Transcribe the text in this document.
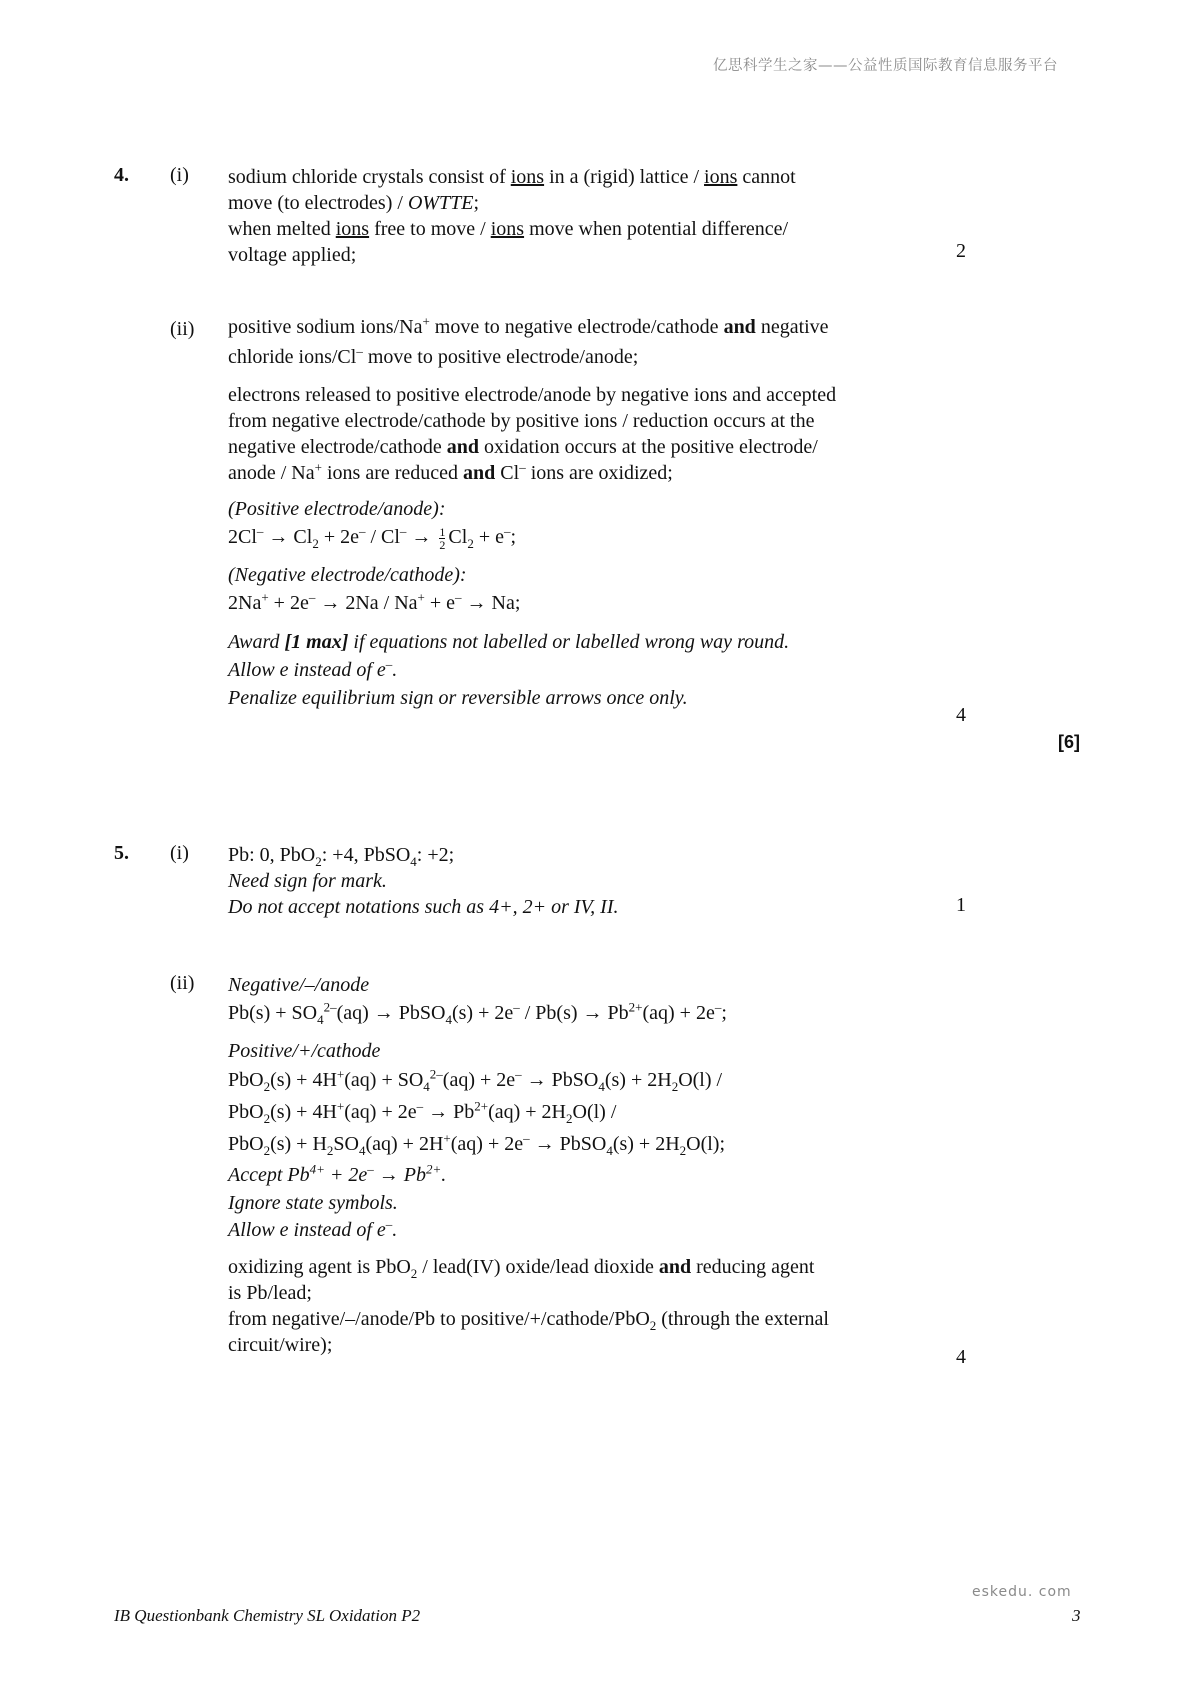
亿思科学生之家——公益性质国际教育信息服务平台
4. (i) sodium chloride crystals consist of ions in a (rigid) lattice / ions cannot

move (to electrodes) / OWTTE;

when melted ions free to move / ions move when potential difference/

voltage applied;	2
(ii) positive sodium ions/Na+ move to negative electrode/cathode and negative
chloride ions/Cl– move to positive electrode/anode;

electrons released to positive electrode/anode by negative ions and accepted
from negative electrode/cathode by positive ions / reduction occurs at the
negative electrode/cathode and oxidation occurs at the positive electrode/
anode / Na+ ions are reduced and Cl– ions are oxidized;

(Positive electrode/anode):

$2Cl^- \to Cl_2 + 2e^- / Cl^- \to \frac{1}{2} Cl_2 + e^-$;

(Negative electrode/cathode):

2Na+ + 2e– → 2Na / Na+ + e– → Na;

Award [1 max] if equations not labelled or labelled wrong way round.
Allow e instead of e–.
Penalize equilibrium sign or reversible arrows once only.

4
[6]
5. (i) Pb: 0, PbO$_2$: +4, PbSO$_4$: +2;

Need sign for mark.

Do not accept notations such as 4+, 2+ or IV, II.	1
(ii) Negative/–/anode

$Pb(s) + SO_4^{2-}(aq)$ → PbSO$_4$(s) + $2e^- / Pb(s) \to Pb^{2+}(aq) + 2e^-$;

Positive/+/cathode

$PbO_2(s) + 4H^+(aq) + SO_4^{2-}(aq) + 2e^-$ → PbSO$_4$(s) + $2H_2O(l)$ /
$PbO_2(s) + 4H^+(aq) + 2e^- \to Pb^{2+}(aq) + 2H_2O(l)$ /
$PbO_2(s) + H_2SO_4(aq) + 2H^+(aq) + 2e^-$ → PbSO$_4$(s) + $2H_2O(l)$;

Accept $Pb^{4+} + 2e^- \to Pb^{2+}$.

Ignore state symbols.

Allow e instead of e–.

oxidizing agent is PbO$_2$ / lead(IV) oxide/lead dioxide and reducing agent
is Pb/lead;

from negative/–/anode/Pb to positive/+/cathode/PbO$_2$ (through the external
circuit/wire);

4
eskedu. com
IB Questionbank Chemistry SL Oxidation P2	3
